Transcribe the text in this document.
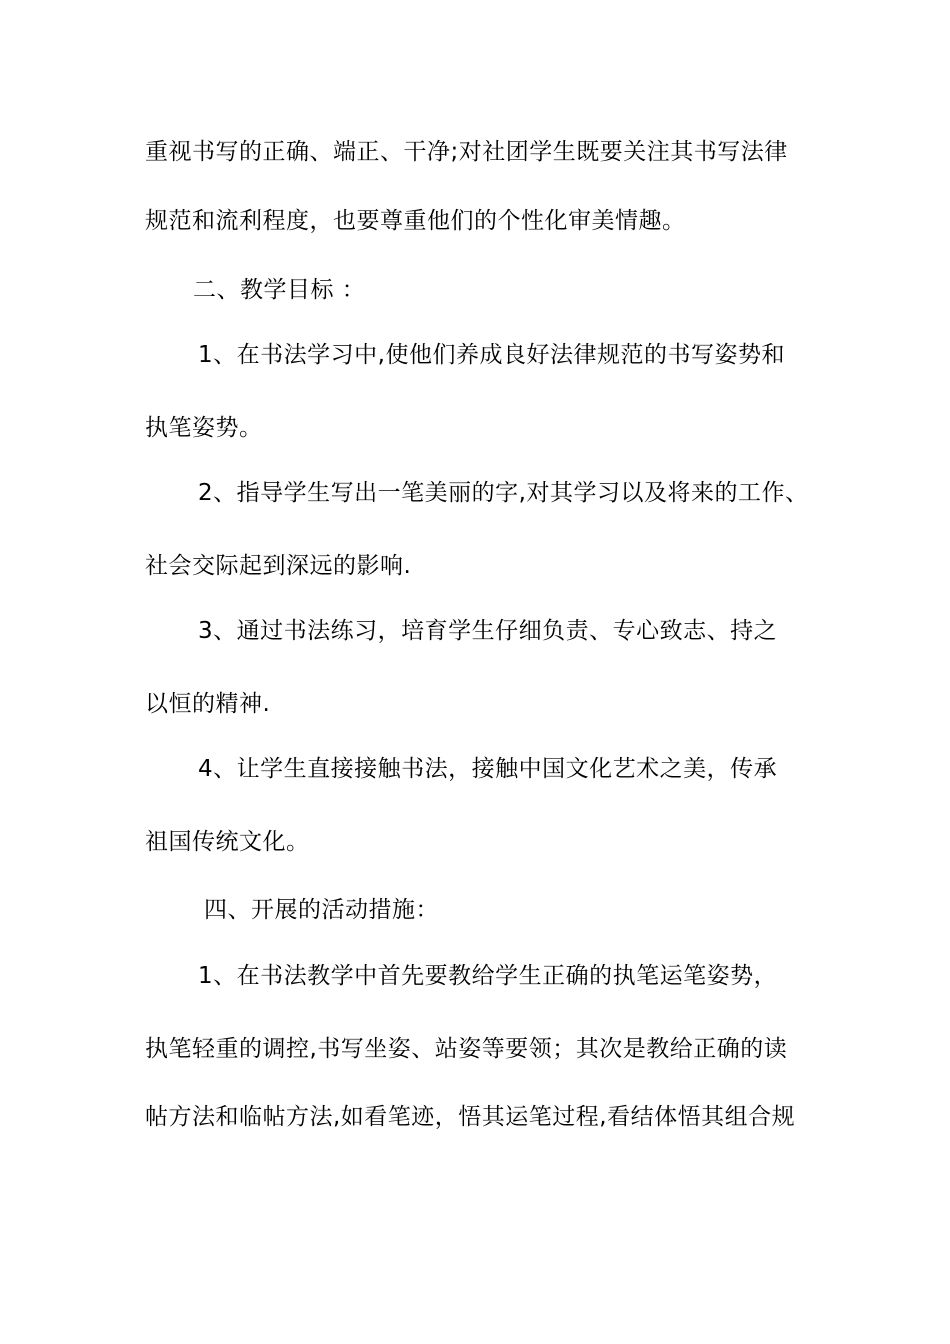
重视书写的正确、端正、干净;对社团学生既要关注其书写法律
规范和流利程度，也要尊重他们的个性化审美情趣。
二、教学目标 ：
1、在书法学习中,使他们养成良好法律规范的书写姿势和
执笔姿势。
2、指导学生写出一笔美丽的字,对其学习以及将来的工作、
社会交际起到深远的影响.
3、通过书法练习，培育学生仔细负责、专心致志、持之
以恒的精神.
4、让学生直接接触书法，接触中国文化艺术之美，传承
祖国传统文化。
四、开展的活动措施：
1、在书法教学中首先要教给学生正确的执笔运笔姿势，
执笔轻重的调控,书写坐姿、站姿等要领；其次是教给正确的读
帖方法和临帖方法,如看笔迹，悟其运笔过程,看结体悟其组合规
